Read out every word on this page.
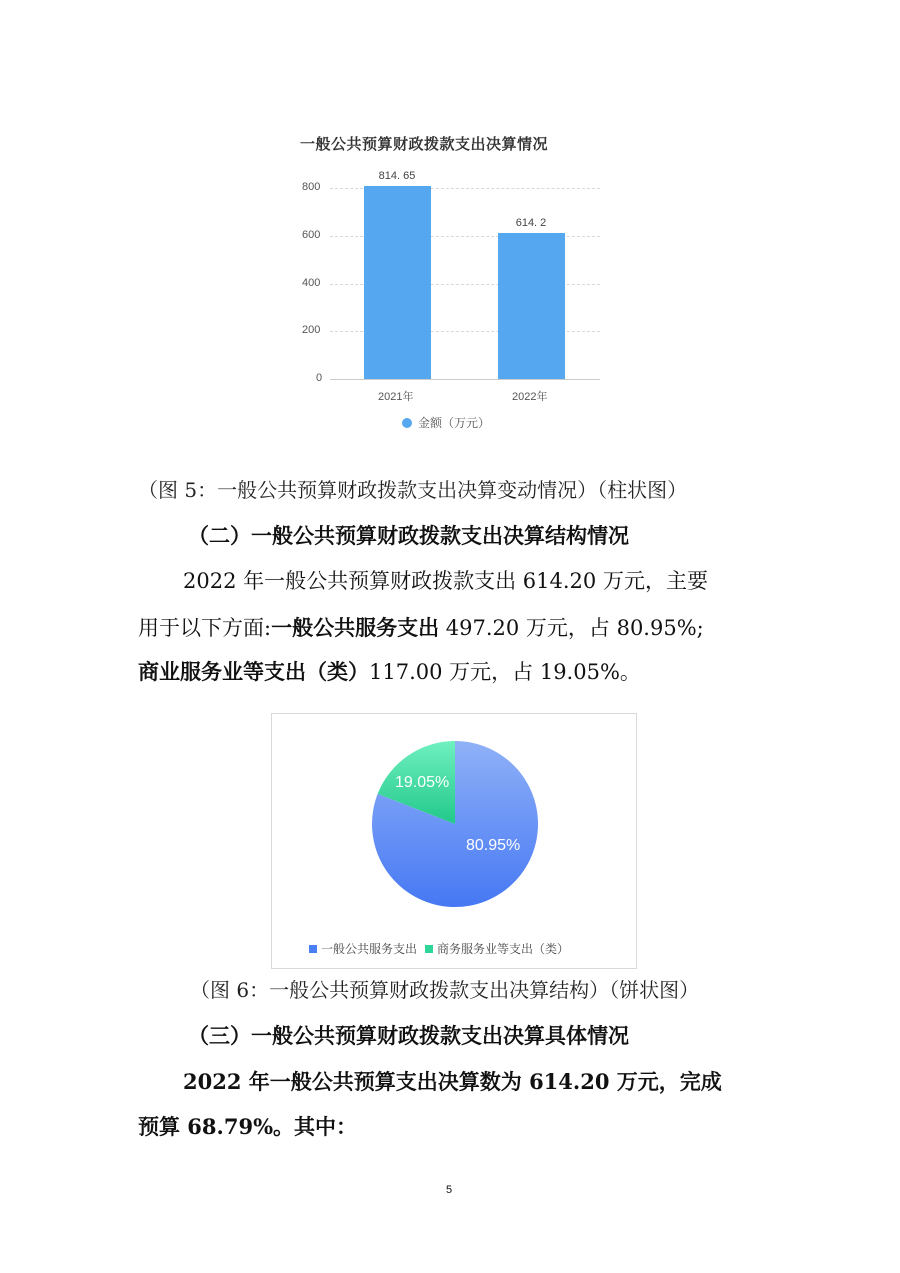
一般公共预算财政拨款支出决算情况
800
600
400
200
0
814. 65
614. 2
2021年	2022年
金额（万元）
（图 5：一般公共预算财政拨款支出决算变动情况）（柱状图）
（二）一般公共预算财政拨款支出决算结构情况
2022 年一般公共预算财政拨款支出 614.20 万元，主要
用于以下方面:一般公共服务支出 497.20 万元，占 80.95%;
商业服务业等支出（类）117.00 万元，占 19.05%。
19.05%
80.95%
一般公共服务支出 商务服务业等支出（类）
（图 6：一般公共预算财政拨款支出决算结构）（饼状图）
（三）一般公共预算财政拨款支出决算具体情况
2022 年一般公共预算支出决算数为 614.20 万元，完成
预算 68.79%。其中：
5
